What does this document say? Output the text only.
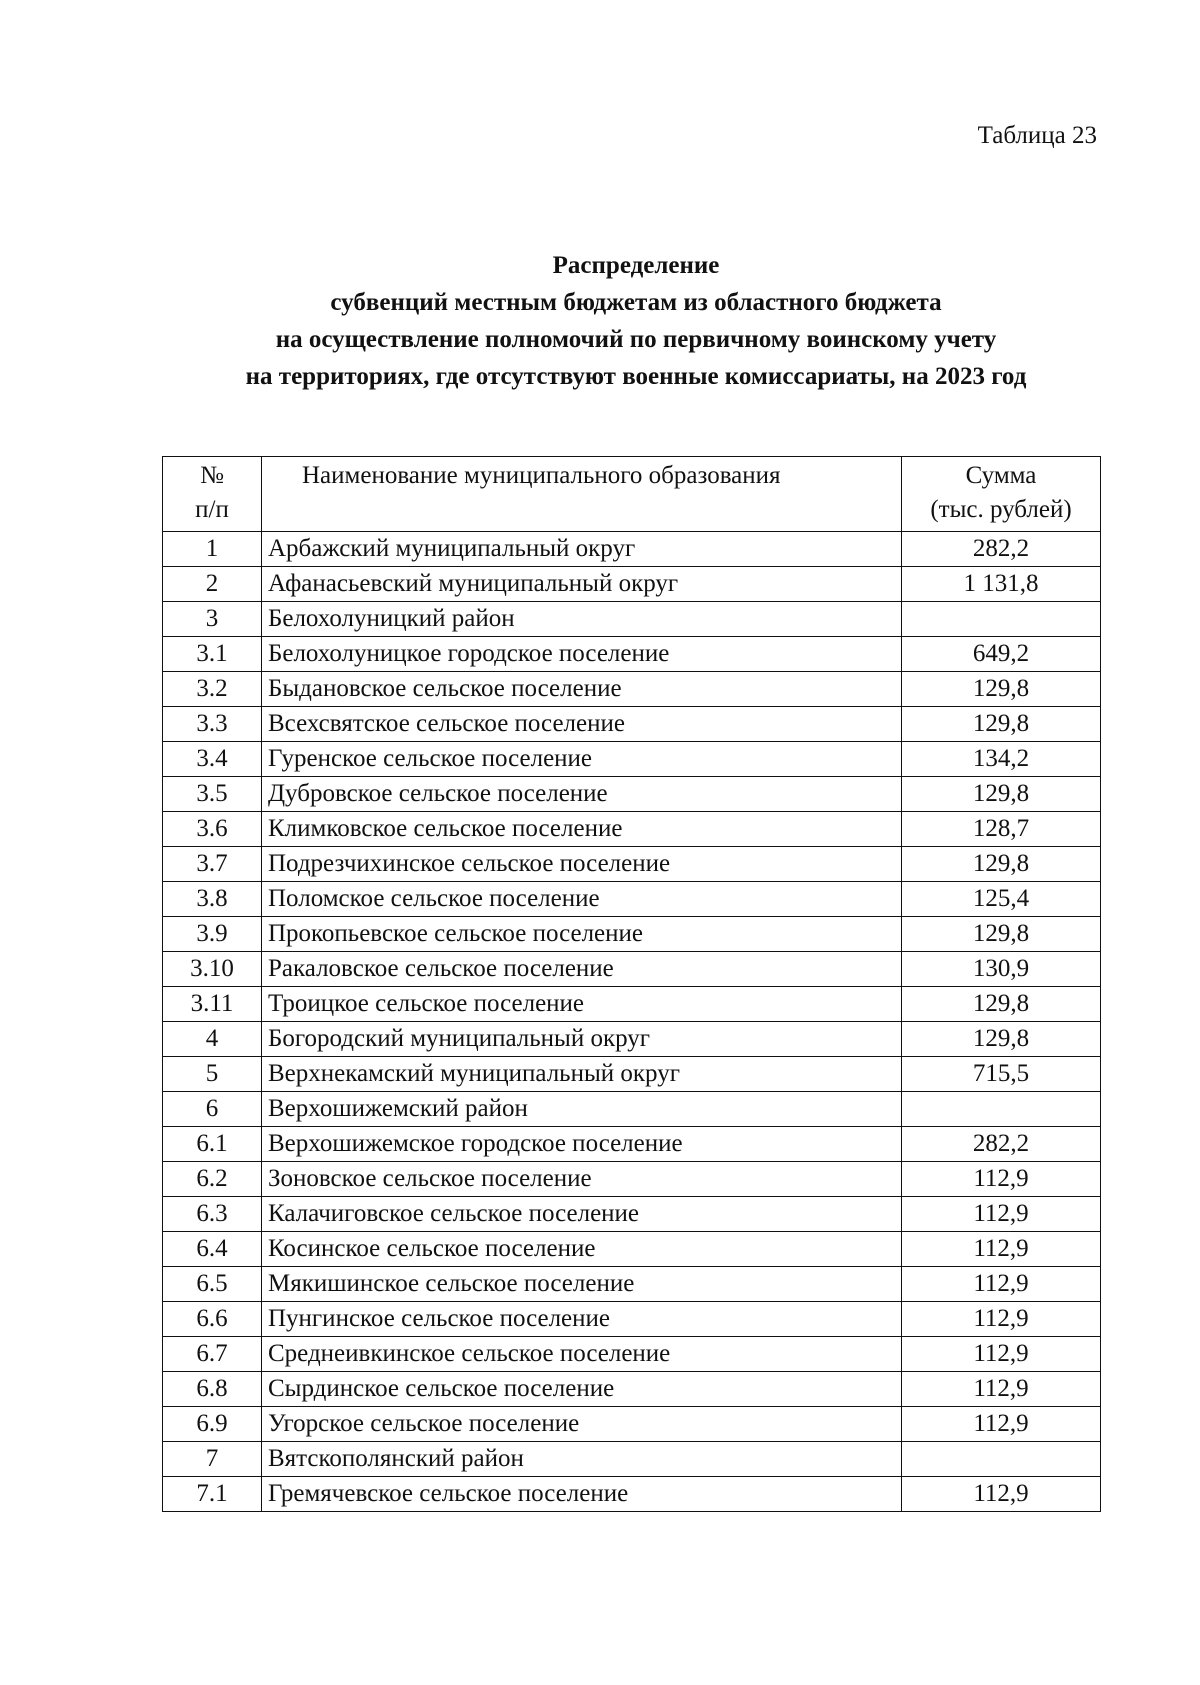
Таблица 23

Распределение
субвенций местным бюджетам из областного бюджета
на осуществление полномочий по первичному воинскому учету
на территориях, где отсутствуют военные комиссариаты, на 2023 год
№
п/п	Наименование муниципального образования	Сумма
(тыс. рублей)

1	Арбажский муниципальный округ	282,2
2	Афанасьевский муниципальный округ	1 131,8
3	Белохолуницкий район	
3.1	Белохолуницкое городское поселение	649,2
3.2	Быдановское сельское поселение	129,8
3.3	Всехсвятское сельское поселение	129,8
3.4	Гуренское сельское поселение	134,2
3.5	Дубровское сельское поселение	129,8
3.6	Климковское сельское поселение	128,7
3.7	Подрезчихинское сельское поселение	129,8
3.8	Поломское сельское поселение	125,4
3.9	Прокопьевское сельское поселение	129,8
3.10	Ракаловское сельское поселение	130,9
3.11	Троицкое сельское поселение	129,8
4	Богородский муниципальный округ	129,8
5	Верхнекамский муниципальный округ	715,5
6	Верхошижемский район	
6.1	Верхошижемское городское поселение	282,2
6.2	Зоновское сельское поселение	112,9
6.3	Калачиговское сельское поселение	112,9
6.4	Косинское сельское поселение	112,9
6.5	Мякишинское сельское поселение	112,9
6.6	Пунгинское сельское поселение	112,9
6.7	Среднеивкинское сельское поселение	112,9
6.8	Сырдинское сельское поселение	112,9
6.9	Угорское сельское поселение	112,9
7	Вятскополянский район	
7.1	Гремячевское сельское поселение	112,9
